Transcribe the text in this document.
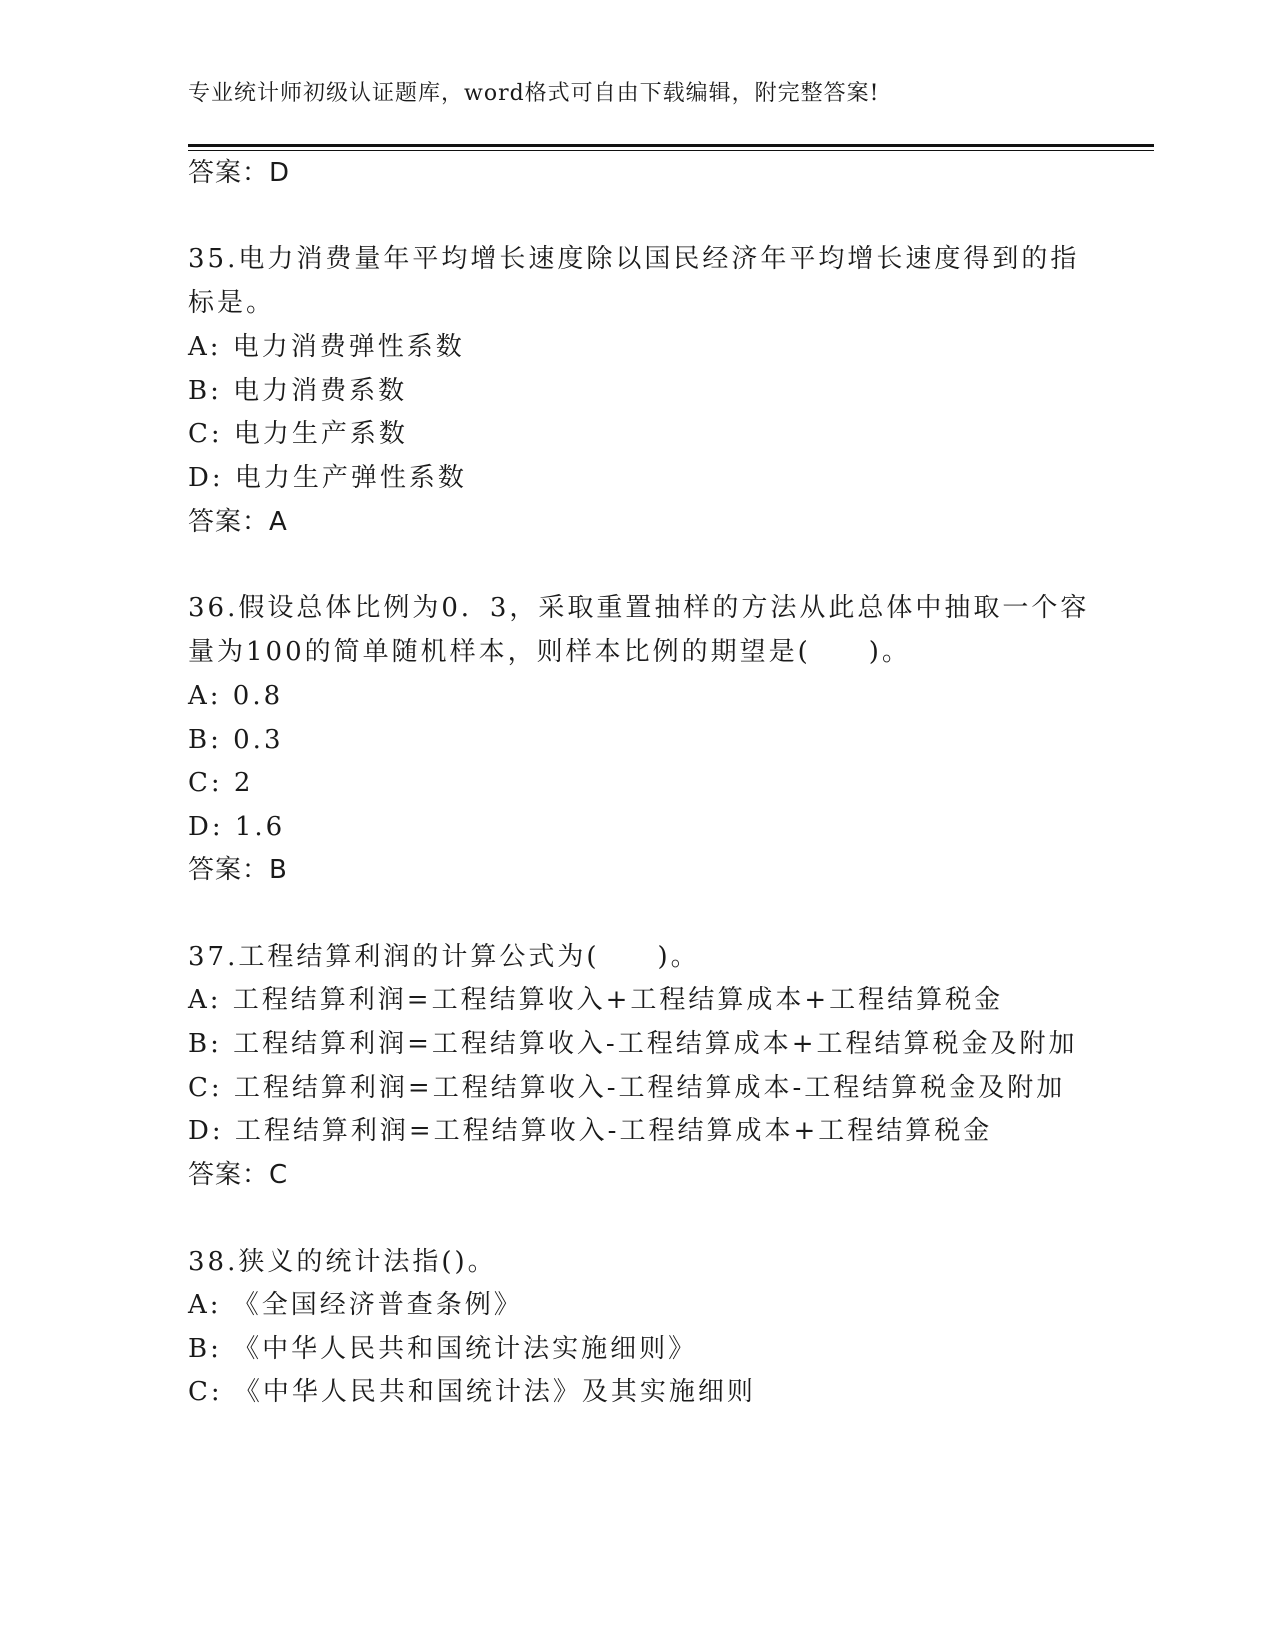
专业统计师初级认证题库，word格式可自由下载编辑，附完整答案!
答案：D
35.电力消费量年平均增长速度除以国民经济年平均增长速度得到的指
标是。
A: 电力消费弹性系数
B: 电力消费系数
C: 电力生产系数
D: 电力生产弹性系数
答案：A
36.假设总体比例为0．3，采取重置抽样的方法从此总体中抽取一个容
量为100的简单随机样本，则样本比例的期望是(　　)。
A: 0.8
B: 0.3
C: 2
D: 1.6
答案：B
37.工程结算利润的计算公式为(　　)。
A: 工程结算利润=工程结算收入+工程结算成本+工程结算税金
B: 工程结算利润=工程结算收入-工程结算成本+工程结算税金及附加
C: 工程结算利润=工程结算收入-工程结算成本-工程结算税金及附加
D: 工程结算利润=工程结算收入-工程结算成本+工程结算税金
答案：C
38.狭义的统计法指()。
A: 《全国经济普查条例》
B: 《中华人民共和国统计法实施细则》
C: 《中华人民共和国统计法》及其实施细则
